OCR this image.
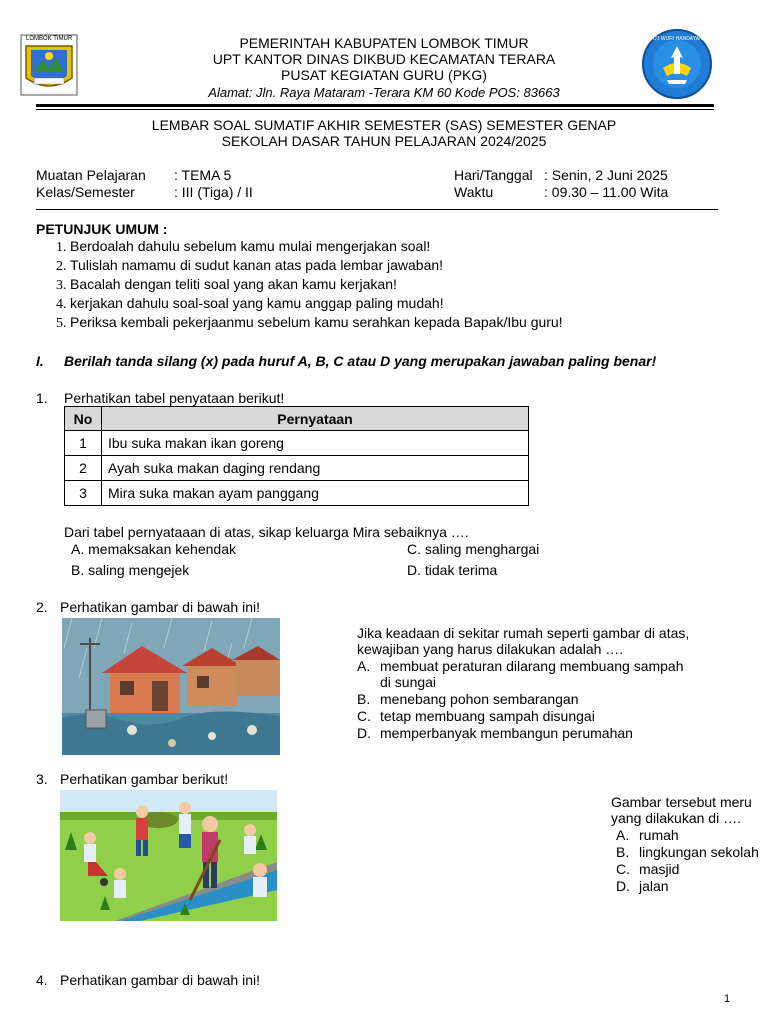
LOMBOK TIMUR	TUT WURI HANDAYANI
PEMERINTAH KABUPATEN LOMBOK TIMUR
UPT KANTOR DINAS DIKBUD KECAMATAN TERARA
PUSAT KEGIATAN GURU (PKG)
Alamat: Jln. Raya Mataram -Terara KM 60 Kode POS: 83663
LEMBAR SOAL SUMATIF AKHIR SEMESTER (SAS) SEMESTER GENAP
SEKOLAH DASAR TAHUN PELAJARAN 2024/2025
Muatan Pelajaran : TEMA 5
Kelas/Semester	: III (Tiga) / II
Hari/Tanggal : Senin, 2 Juni 2025
Waktu	: 09.30 – 11.00 Wita
PETUNJUK UMUM :
1. Berdoalah dahulu sebelum kamu mulai mengerjakan soal!
2. Tulislah namamu di sudut kanan atas pada lembar jawaban!
3. Bacalah dengan teliti soal yang akan kamu kerjakan!
4. kerjakan dahulu soal-soal yang kamu anggap paling mudah!
5. Periksa kembali pekerjaanmu sebelum kamu serahkan kepada Bapak/Ibu guru!
I. Berilah tanda silang (x) pada huruf A, B, C atau D yang merupakan jawaban paling benar!
1. Perhatikan tabel penyataan berikut!
No	Pernyataan
1	Ibu suka makan ikan goreng
2	Ayah suka makan daging rendang
3	Mira suka makan ayam panggang
Dari tabel pernyataaan di atas, sikap keluarga Mira sebaiknya ….
A. memaksakan kehendak
B. saling mengejek
C. saling menghargai
D. tidak terima
2. Perhatikan gambar di bawah ini!
Jika keadaan di sekitar rumah seperti gambar di atas,
kewajiban yang harus dilakukan adalah ….
A. membuat peraturan dilarang membuang sampah
di sungai
B. menebang pohon sembarangan
C. tetap membuang sampah disungai
D. memperbanyak membangun perumahan
3. Perhatikan gambar berikut!
Gambar tersebut meru
yang dilakukan di ….
A. rumah
B. lingkungan sekolah
C. masjid
D. jalan
4. Perhatikan gambar di bawah ini!
1
